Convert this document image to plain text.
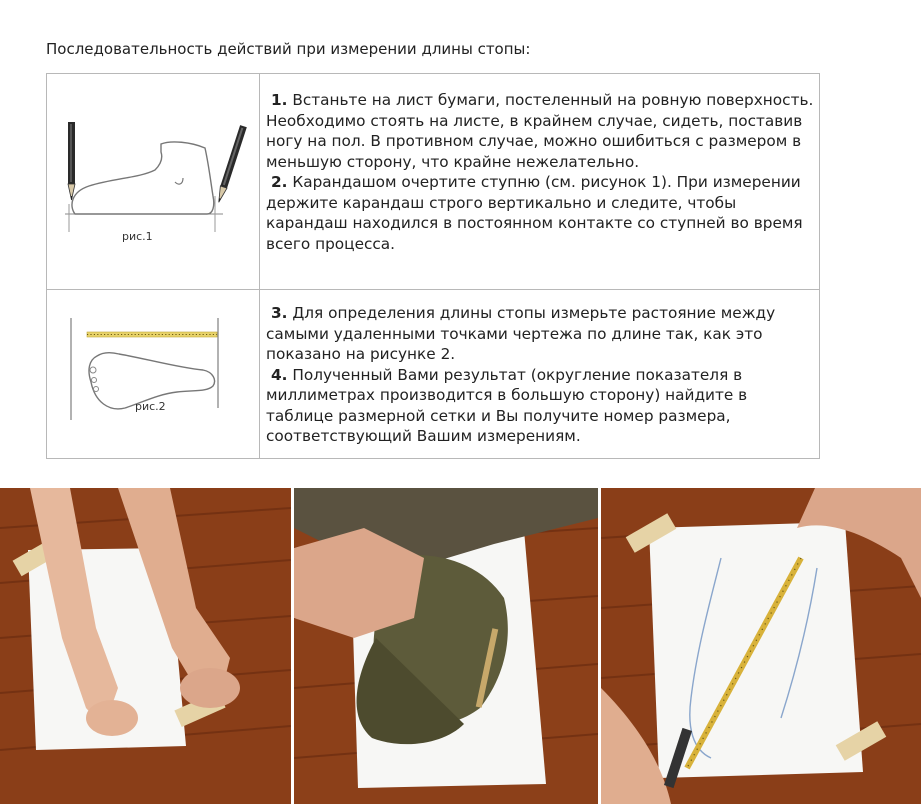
Последовательность действий при измерении длины стопы:
рис.1

1. Встаньте на лист бумаги, постеленный на ровную поверхность. Необходимо стоять на листе, в крайнем случае, сидеть, поставив ногу на пол. В противном случае, можно ошибиться с размером в меньшую сторону, что крайне нежелательно.

2. Карандашом очертите ступню (см. рисунок 1). При измерении держите карандаш строго вертикально и следите, чтобы карандаш находился в постоянном контакте со ступней во время всего процесса.

рис.2

3. Для определения длины стопы измерьте растояние между самыми удаленными точками чертежа по длине так, как это показано на рисунке 2.

4. Полученный Вами результат (округление показателя в миллиметрах производится в большую сторону) найдите в таблице размерной сетки и Вы получите номер размера, соответствующий Вашим измерениям.
